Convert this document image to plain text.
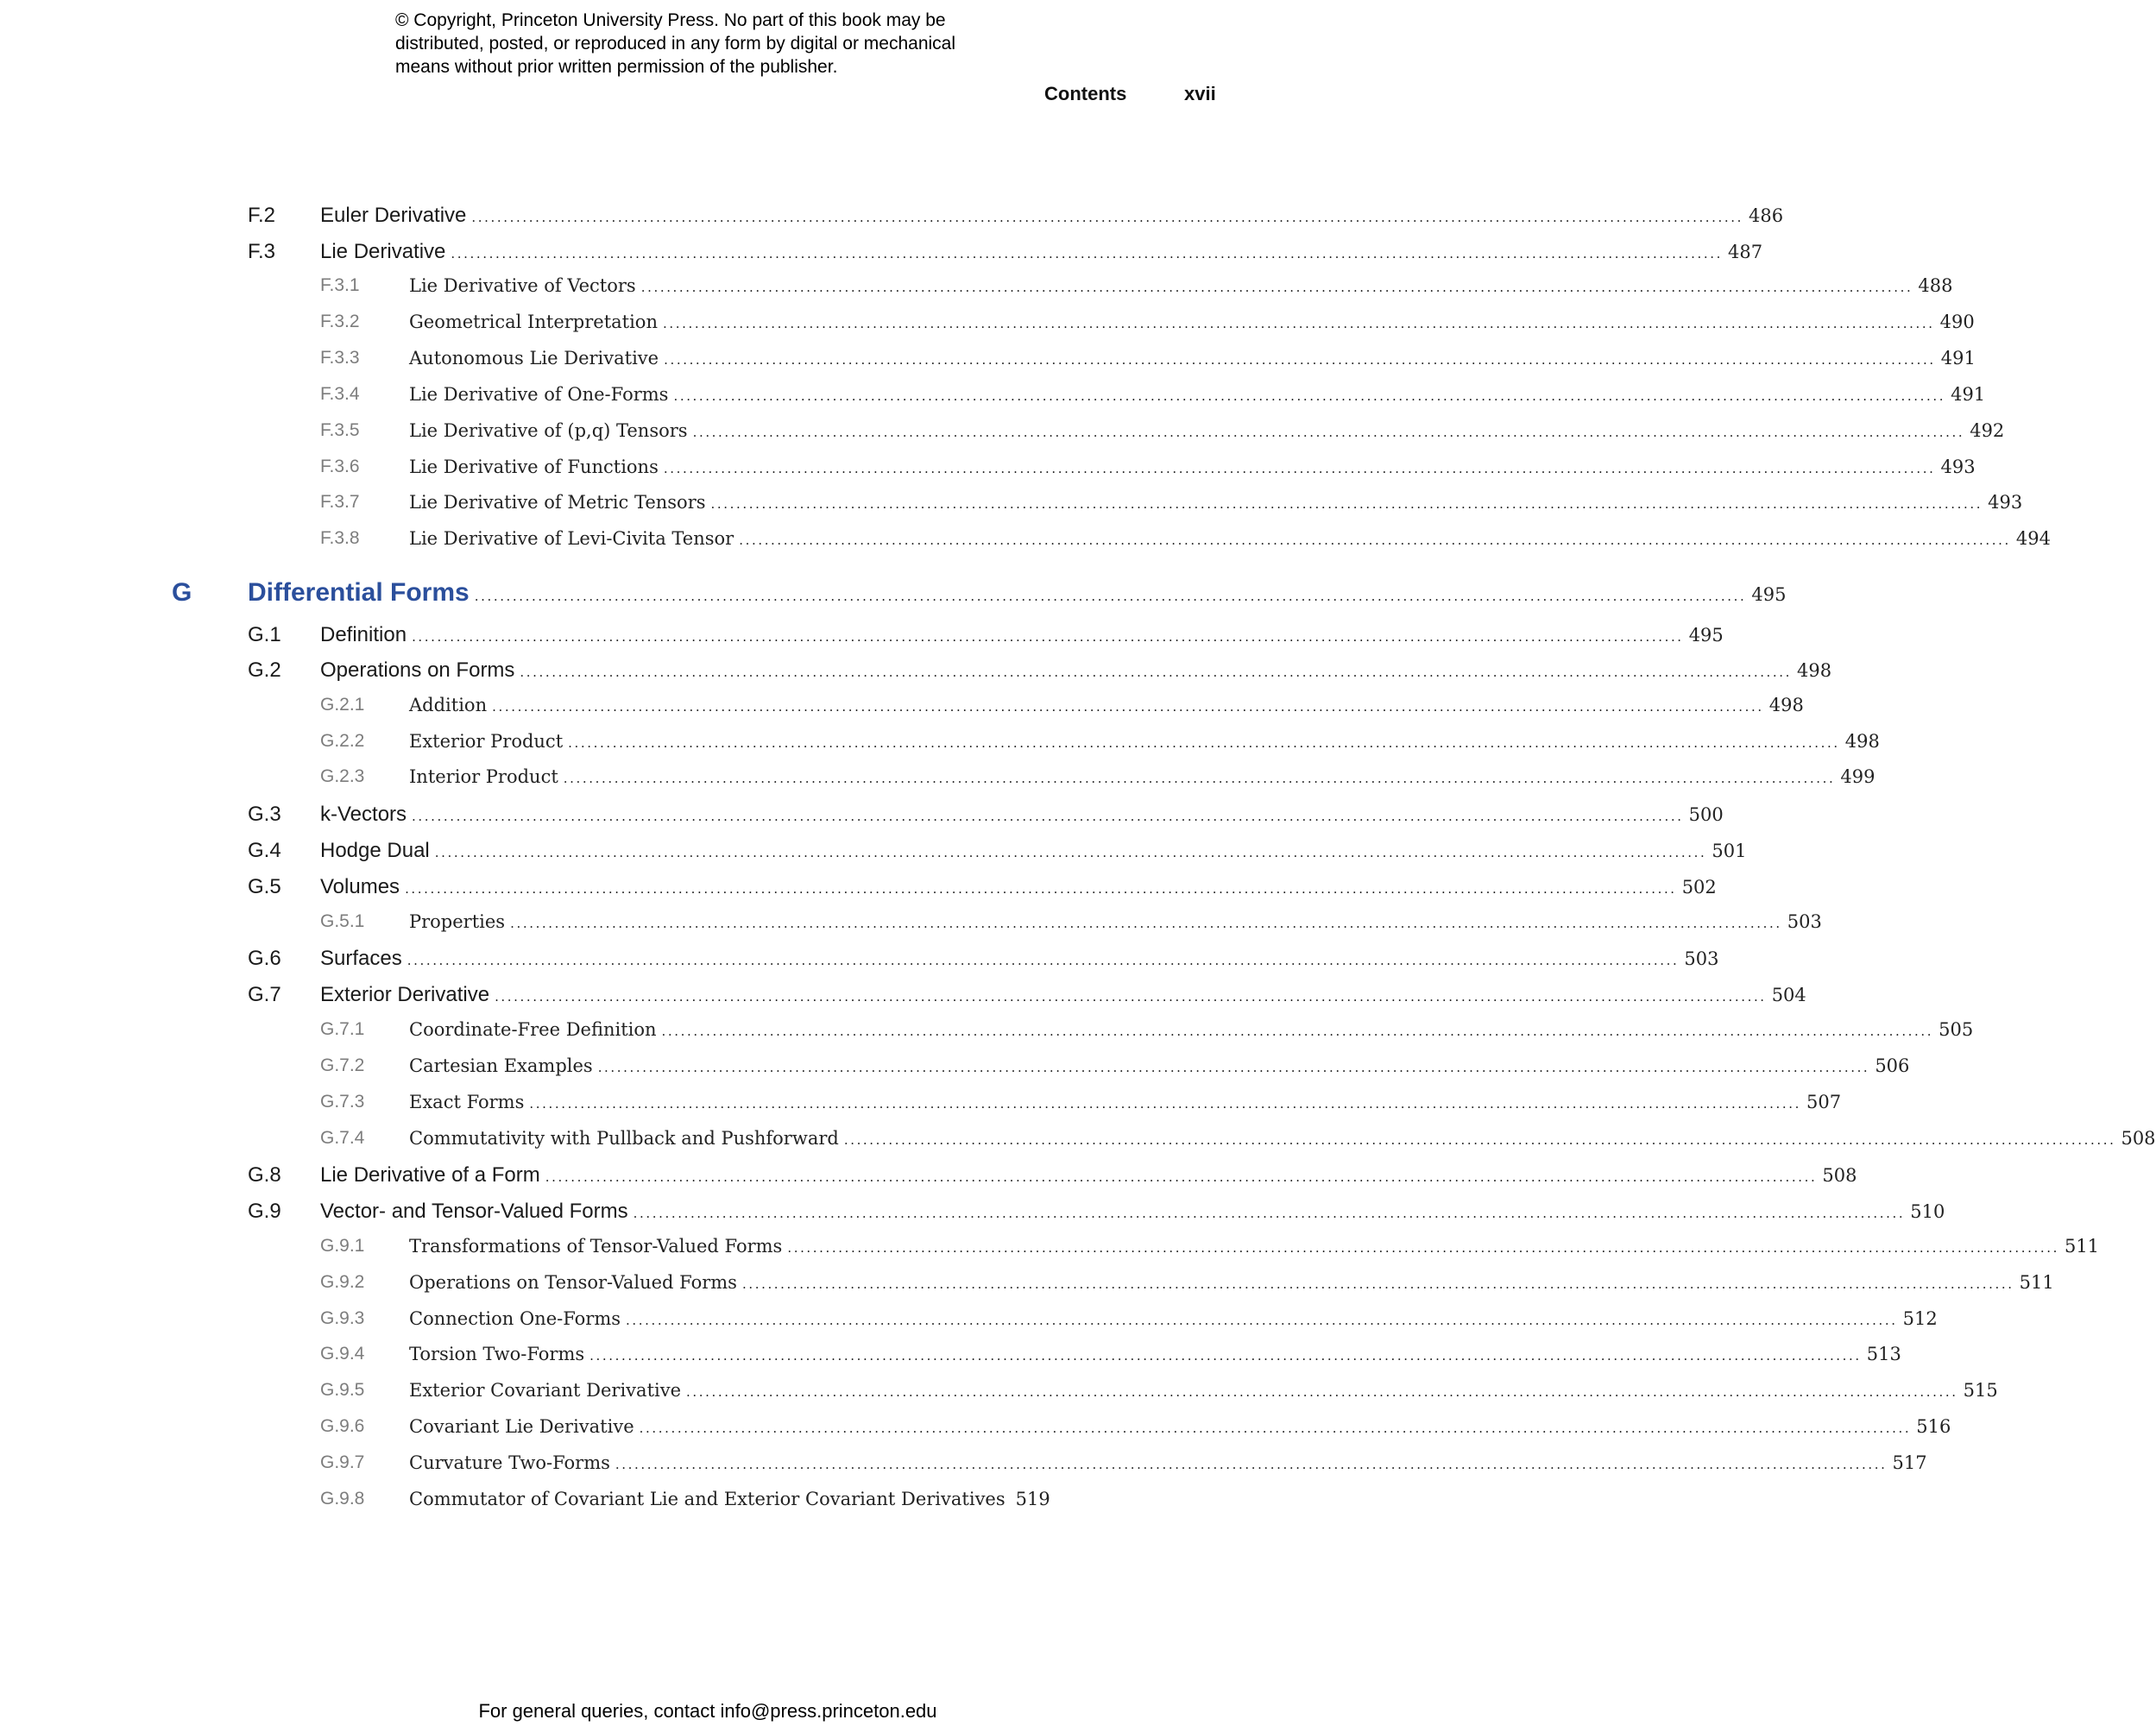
© Copyright, Princeton University Press. No part of this book may be
distributed, posted, or reproduced in any form by digital or mechanical
means without prior written permission of the publisher.
Contents	xvii
F.2 Euler Derivative ........................................................................................................................................................................................................ 486
F.3 Lie Derivative ........................................................................................................................................................................................................ 487
F.3.1	Lie Derivative of Vectors ........................................................................................................................................................................................................ 488
F.3.2	Geometrical Interpretation ........................................................................................................................................................................................................ 490
F.3.3	Autonomous Lie Derivative ........................................................................................................................................................................................................ 491
F.3.4	Lie Derivative of One-Forms ........................................................................................................................................................................................................ 491
F.3.5	Lie Derivative of (p,q) Tensors ........................................................................................................................................................................................................ 492
F.3.6	Lie Derivative of Functions ........................................................................................................................................................................................................ 493
F.3.7	Lie Derivative of Metric Tensors ........................................................................................................................................................................................................ 493
F.3.8	Lie Derivative of Levi-Civita Tensor ........................................................................................................................................................................................................ 494
G Differential Forms ........................................................................................................................................................................................................ 495
G.1 Definition ........................................................................................................................................................................................................ 495
G.2 Operations on Forms ........................................................................................................................................................................................................ 498
G.2.1 Addition ........................................................................................................................................................................................................ 498
G.2.2 Exterior Product ........................................................................................................................................................................................................ 498
G.2.3 Interior Product ........................................................................................................................................................................................................ 499
G.3 k-Vectors ........................................................................................................................................................................................................ 500
G.4 Hodge Dual ........................................................................................................................................................................................................ 501
G.5 Volumes ........................................................................................................................................................................................................ 502
G.5.1 Properties ........................................................................................................................................................................................................ 503
G.6 Surfaces ........................................................................................................................................................................................................ 503
G.7 Exterior Derivative ........................................................................................................................................................................................................ 504
G.7.1 Coordinate-Free Definition ........................................................................................................................................................................................................ 505
G.7.2 Cartesian Examples ........................................................................................................................................................................................................ 506
G.7.3 Exact Forms ........................................................................................................................................................................................................ 507
G.7.4 Commutativity with Pullback and Pushforward ........................................................................................................................................................................................................ 508
G.8 Lie Derivative of a Form ........................................................................................................................................................................................................ 508
G.9 Vector- and Tensor-Valued Forms ........................................................................................................................................................................................................ 510
G.9.1 Transformations of Tensor-Valued Forms ........................................................................................................................................................................................................ 511
G.9.2 Operations on Tensor-Valued Forms ........................................................................................................................................................................................................ 511
G.9.3 Connection One-Forms ........................................................................................................................................................................................................ 512
G.9.4 Torsion Two-Forms ........................................................................................................................................................................................................ 513
G.9.5 Exterior Covariant Derivative ........................................................................................................................................................................................................ 515
G.9.6 Covariant Lie Derivative ........................................................................................................................................................................................................ 516
G.9.7 Curvature Two-Forms ........................................................................................................................................................................................................ 517
G.9.8 Commutator of Covariant Lie and Exterior Covariant Derivatives 519
For general queries, contact info@press.princeton.edu
